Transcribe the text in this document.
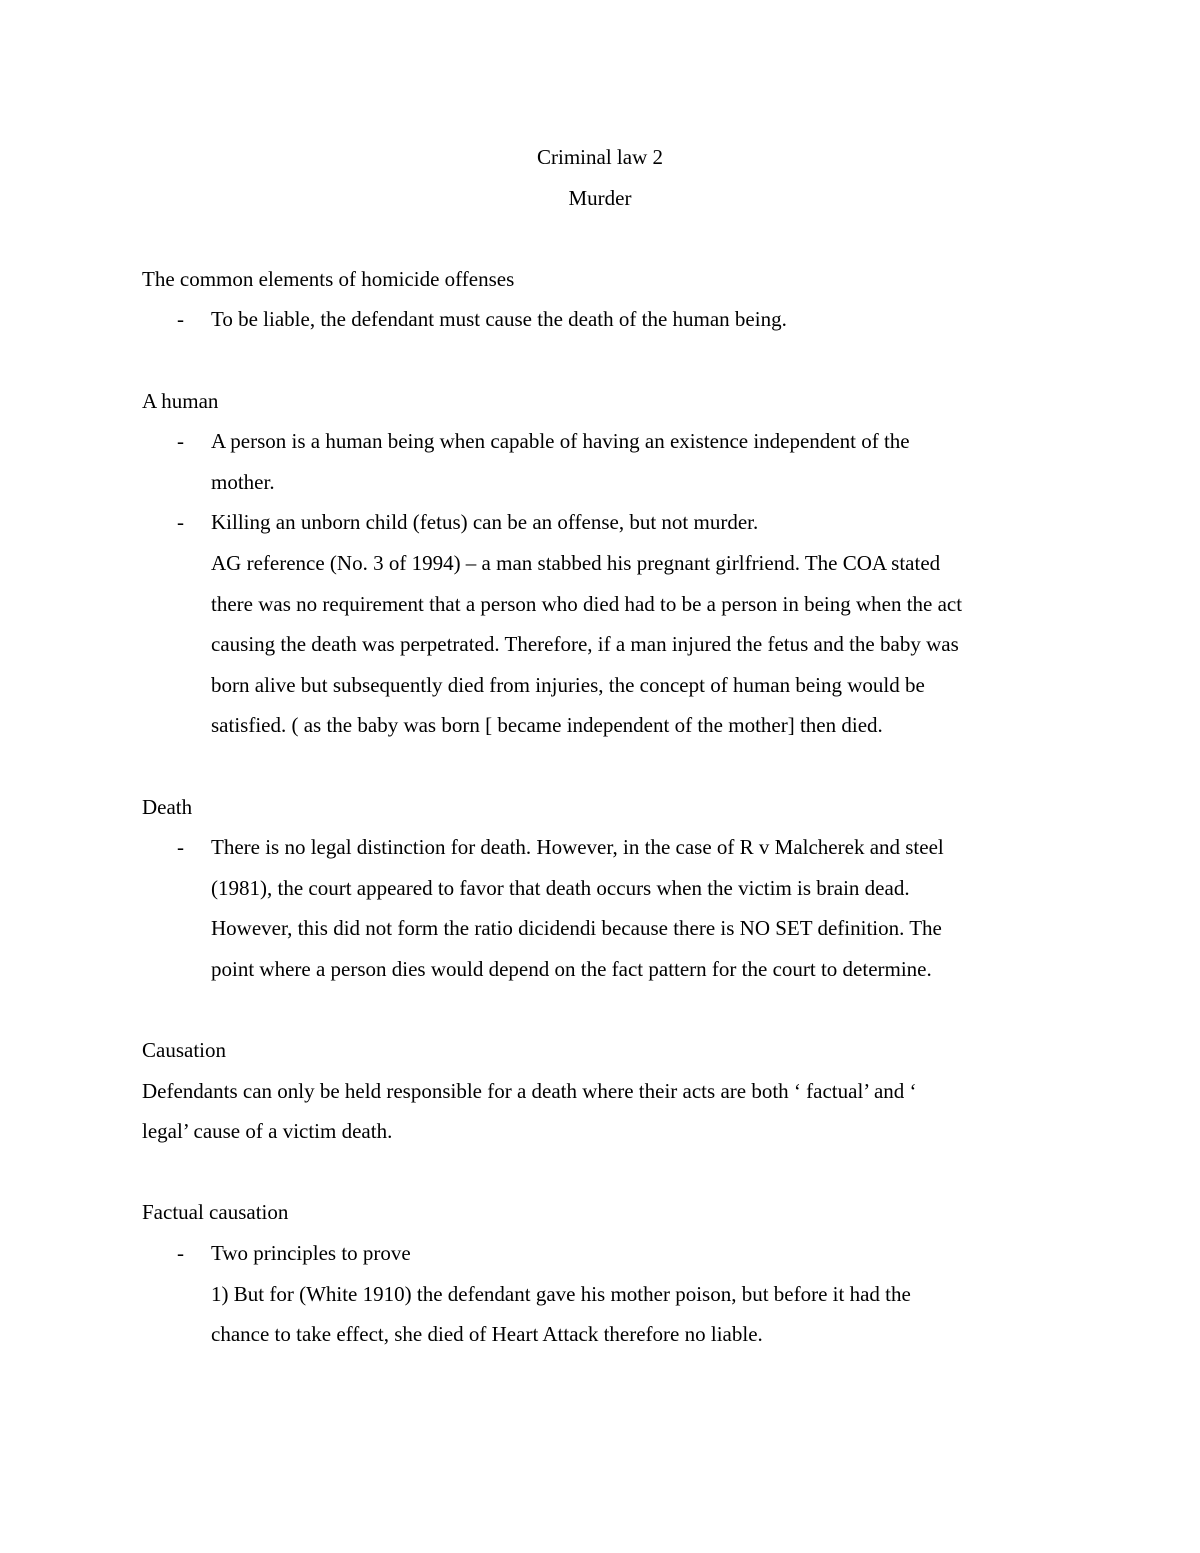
Criminal law 2
Murder
The common elements of homicide offenses
- To be liable, the defendant must cause the death of the human being.
A human
- A person is a human being when capable of having an existence independent of the
mother.
- Killing an unborn child (fetus) can be an offense, but not murder.
AG reference (No. 3 of 1994) – a man stabbed his pregnant girlfriend. The COA stated
there was no requirement that a person who died had to be a person in being when the act
causing the death was perpetrated. Therefore, if a man injured the fetus and the baby was
born alive but subsequently died from injuries, the concept of human being would be
satisfied. ( as the baby was born [ became independent of the mother] then died.
Death
- There is no legal distinction for death. However, in the case of R v Malcherek and steel
(1981), the court appeared to favor that death occurs when the victim is brain dead.
However, this did not form the ratio dicidendi because there is NO SET definition. The
point where a person dies would depend on the fact pattern for the court to determine.
Causation
Defendants can only be held responsible for a death where their acts are both ‘ factual’ and ‘
legal’ cause of a victim death.
Factual causation
- Two principles to prove
1) But for (White 1910) the defendant gave his mother poison, but before it had the
chance to take effect, she died of Heart Attack therefore no liable.
